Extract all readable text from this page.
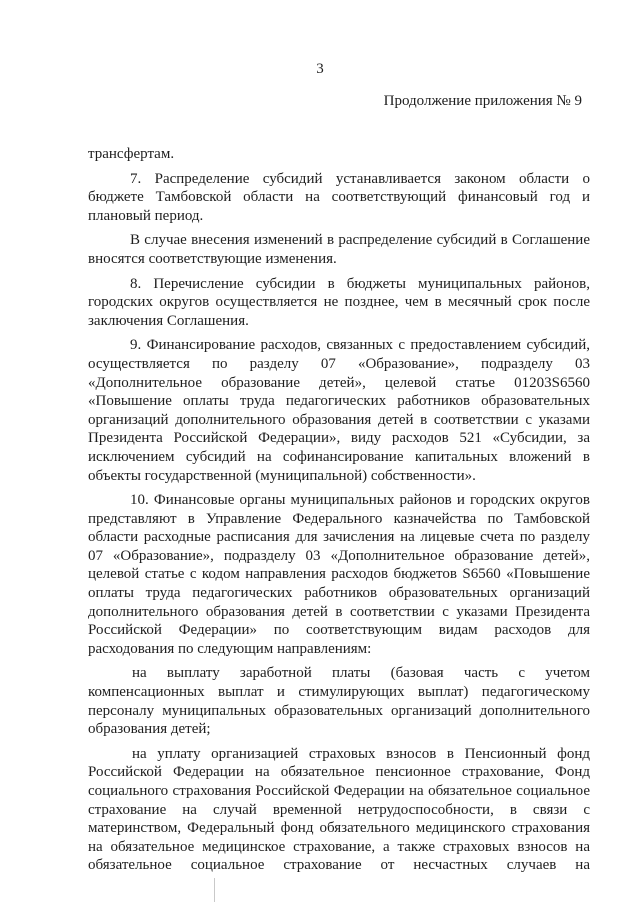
3
Продолжение приложения № 9

трансфертам.

7. Распределение субсидий устанавливается законом области о бюджете Тамбовской области на соответствующий финансовый год и плановый период.

В случае внесения изменений в распределение субсидий в Соглашение вносятся соответствующие изменения.

8. Перечисление субсидии в бюджеты муниципальных районов, городских округов осуществляется не позднее, чем в месячный срок после заключения Соглашения.

9. Финансирование расходов, связанных с предоставлением субсидий, осуществляется по разделу 07 «Образование», подразделу 03 «Дополнительное образование детей», целевой статье 01203S6560 «Повышение оплаты труда педагогических работников образовательных организаций дополнительного образования детей в соответствии с указами Президента Российской Федерации», виду расходов 521 «Субсидии, за исключением субсидий на софинансирование капитальных вложений в объекты государственной (муниципальной) собственности».

10. Финансовые органы муниципальных районов и городских округов представляют в Управление Федерального казначейства по Тамбовской области расходные расписания для зачисления на лицевые счета по разделу 07 «Образование», подразделу 03 «Дополнительное образование детей», целевой статье с кодом направления расходов бюджетов S6560 «Повышение оплаты труда педагогических работников образовательных организаций дополнительного образования детей в соответствии с указами Президента Российской Федерации» по соответствующим видам расходов для расходования по следующим направлениям:

на выплату заработной платы (базовая часть с учетом компенсационных выплат и стимулирующих выплат) педагогическому персоналу муниципальных образовательных организаций дополнительного образования детей;

на уплату организацией страховых взносов в Пенсионный фонд Российской Федерации на обязательное пенсионное страхование, Фонд социального страхования Российской Федерации на обязательное социальное страхование на случай временной нетрудоспособности, в связи с материнством, Федеральный фонд обязательного медицинского страхования на обязательное медицинское страхование, а также страховых взносов на обязательное социальное страхование от несчастных случаев на
